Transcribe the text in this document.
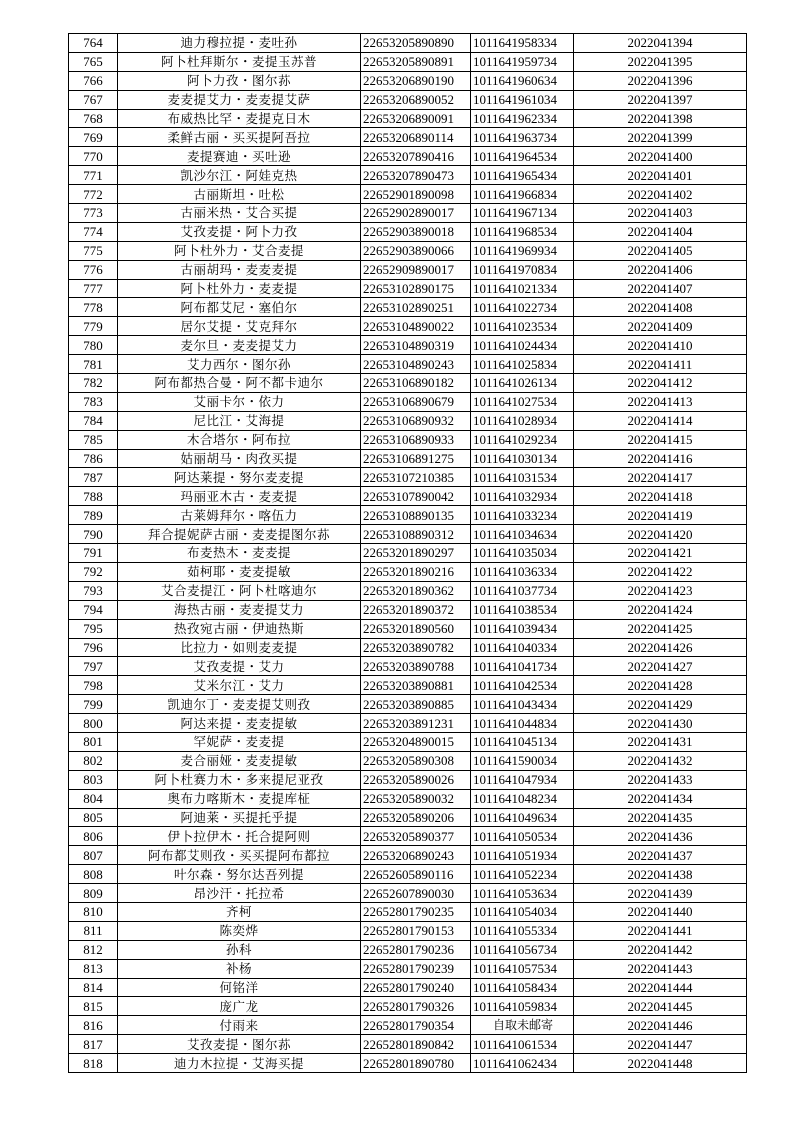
764	迪力穆拉提・麦吐孙	22653205890890	1011641958334	2022041394
765	阿卜杜拜斯尔・麦提玉苏普	22653205890891	1011641959734	2022041395
766	阿卜力孜・图尔荪	22653206890190	1011641960634	2022041396
767	麦麦提艾力・麦麦提艾萨	22653206890052	1011641961034	2022041397
768	布威热比罕・麦提克日木	22653206890091	1011641962334	2022041398
769	柔鲜古丽・买买提阿吾拉	22653206890114	1011641963734	2022041399
770	麦提赛迪・买吐逊	22653207890416	1011641964534	2022041400
771	凯沙尔江・阿娃克热	22653207890473	1011641965434	2022041401
772	古丽斯坦・吐松	22652901890098	1011641966834	2022041402
773	古丽米热・艾合买提	22652902890017	1011641967134	2022041403
774	艾孜麦提・阿卜力孜	22652903890018	1011641968534	2022041404
775	阿卜杜外力・艾合麦提	22652903890066	1011641969934	2022041405
776	古丽胡玛・麦麦麦提	22652909890017	1011641970834	2022041406
777	阿卜杜外力・麦麦提	22653102890175	1011641021334	2022041407
778	阿布都艾尼・塞伯尔	22653102890251	1011641022734	2022041408
779	居尔艾提・艾克拜尔	22653104890022	1011641023534	2022041409
780	麦尔旦・麦麦提艾力	22653104890319	1011641024434	2022041410
781	艾力西尔・图尔孙	22653104890243	1011641025834	2022041411
782	阿布都热合曼・阿不都卡迪尔	22653106890182	1011641026134	2022041412
783	艾丽卡尔・依力	22653106890679	1011641027534	2022041413
784	尼比江・艾海提	22653106890932	1011641028934	2022041414
785	木合塔尔・阿布拉	22653106890933	1011641029234	2022041415
786	姑丽胡马・肉孜买提	22653106891275	1011641030134	2022041416
787	阿达莱提・努尔麦麦提	22653107210385	1011641031534	2022041417
788	玛丽亚木古・麦麦提	22653107890042	1011641032934	2022041418
789	古莱姆拜尔・喀伍力	22653108890135	1011641033234	2022041419
790	拜合提妮萨古丽・麦麦提图尔荪	22653108890312	1011641034634	2022041420
791	布麦热木・麦麦提	22653201890297	1011641035034	2022041421
792	茹柯耶・麦麦提敏	22653201890216	1011641036334	2022041422
793	艾合麦提江・阿卜杜喀迪尔	22653201890362	1011641037734	2022041423
794	海热古丽・麦麦提艾力	22653201890372	1011641038534	2022041424
795	热孜宛古丽・伊迪热斯	22653201890560	1011641039434	2022041425
796	比拉力・如则麦麦提	22653203890782	1011641040334	2022041426
797	艾孜麦提・艾力	22653203890788	1011641041734	2022041427
798	艾米尔江・艾力	22653203890881	1011641042534	2022041428
799	凯迪尔丁・麦麦提艾则孜	22653203890885	1011641043434	2022041429
800	阿达来提・麦麦提敏	22653203891231	1011641044834	2022041430
801	罕妮萨・麦麦提	22653204890015	1011641045134	2022041431
802	麦合丽娅・麦麦提敏	22653205890308	1011641590034	2022041432
803	阿卜杜赛力木・多来提尼亚孜	22653205890026	1011641047934	2022041433
804	奥布力喀斯木・麦提库柾	22653205890032	1011641048234	2022041434
805	阿迪莱・买提托乎提	22653205890206	1011641049634	2022041435
806	伊卜拉伊木・托合提阿则	22653205890377	1011641050534	2022041436
807	阿布都艾则孜・买买提阿布都拉	22653206890243	1011641051934	2022041437
808	叶尔森・努尔达吾列提	22652605890116	1011641052234	2022041438
809	昂沙汗・托拉希	22652607890030	1011641053634	2022041439
810	齐柯	22652801790235	1011641054034	2022041440
811	陈奕烨	22652801790153	1011641055334	2022041441
812	孙科	22652801790236	1011641056734	2022041442
813	补杨	22652801790239	1011641057534	2022041443
814	何铭洋	22652801790240	1011641058434	2022041444
815	庞广龙	22652801790326	1011641059834	2022041445
816	付雨来	22652801790354	自取未邮寄	2022041446
817	艾孜麦提・图尔荪	22652801890842	1011641061534	2022041447
818	迪力木拉提・艾海买提	22652801890780	1011641062434	2022041448
